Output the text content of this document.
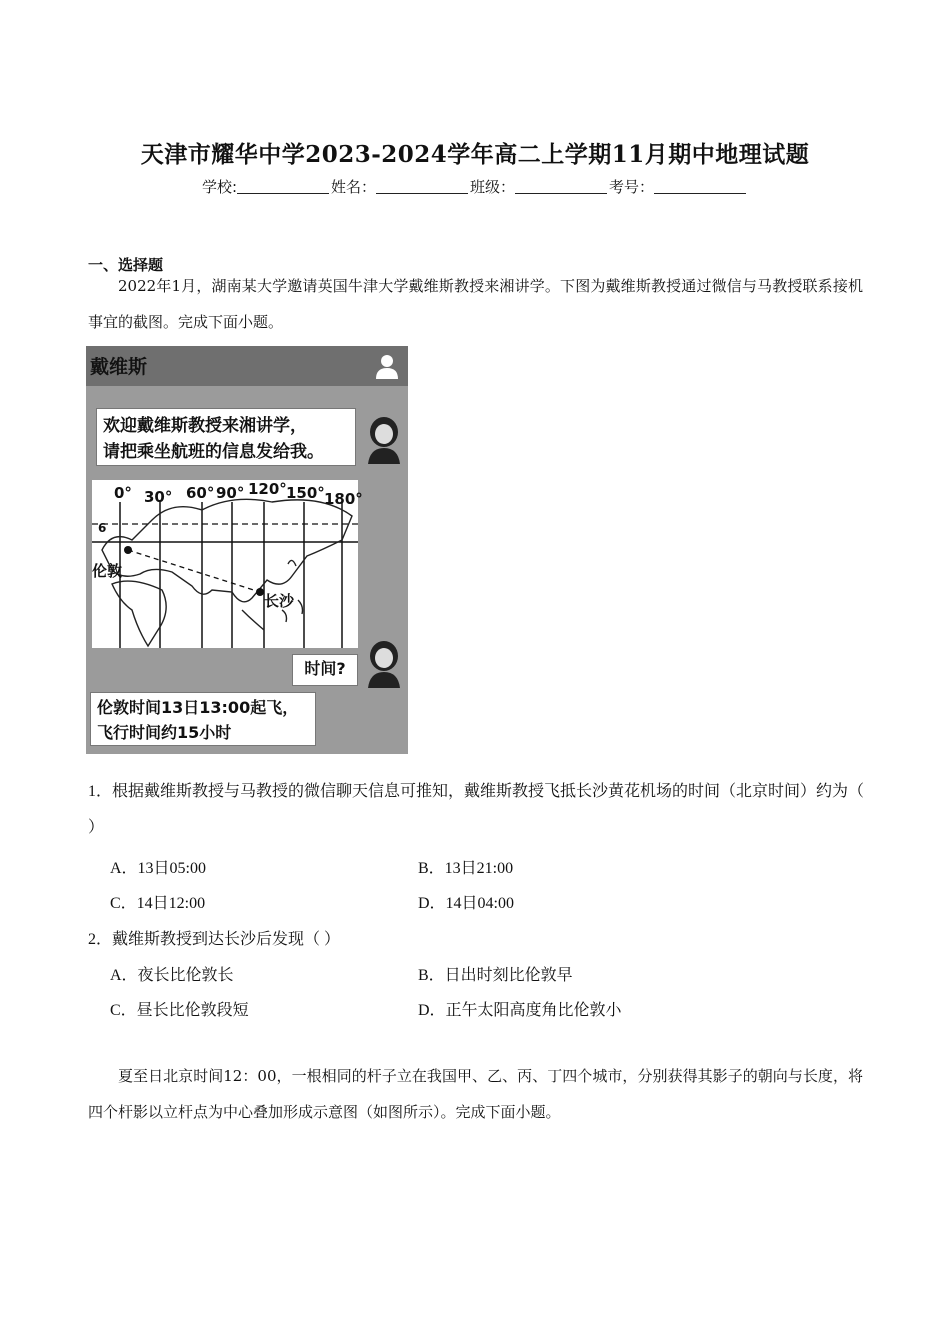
天津市耀华中学2023-2024学年高二上学期11月期中地理试题
学校:	姓名：	班级：	考号：
一、选择题
2022年1月，湖南某大学邀请英国牛津大学戴维斯教授来湘讲学。下图为戴维斯教授通过微信与马教授联系接机事宜的截图。完成下面小题。
戴维斯
欢迎戴维斯教授来湘讲学，
请把乘坐航班的信息发给我。
0° 30° 60° 90° 120° 150° 180°
6
伦敦
长沙
时间?
伦敦时间13日13:00起飞，
飞行时间约15小时
1．根据戴维斯教授与马教授的微信聊天信息可推知，戴维斯教授飞抵长沙黄花机场的时间（北京时间）约为（ ）
A．13日05:00	B．13日21:00
C．14日12:00	D．14日04:00
2．戴维斯教授到达长沙后发现（ ）
A．夜长比伦敦长	B．日出时刻比伦敦早
C．昼长比伦敦段短	D．正午太阳高度角比伦敦小
夏至日北京时间12：00，一根相同的杆子立在我国甲、乙、丙、丁四个城市，分别获得其影子的朝向与长度，将四个杆影以立杆点为中心叠加形成示意图（如图所示）。完成下面小题。
